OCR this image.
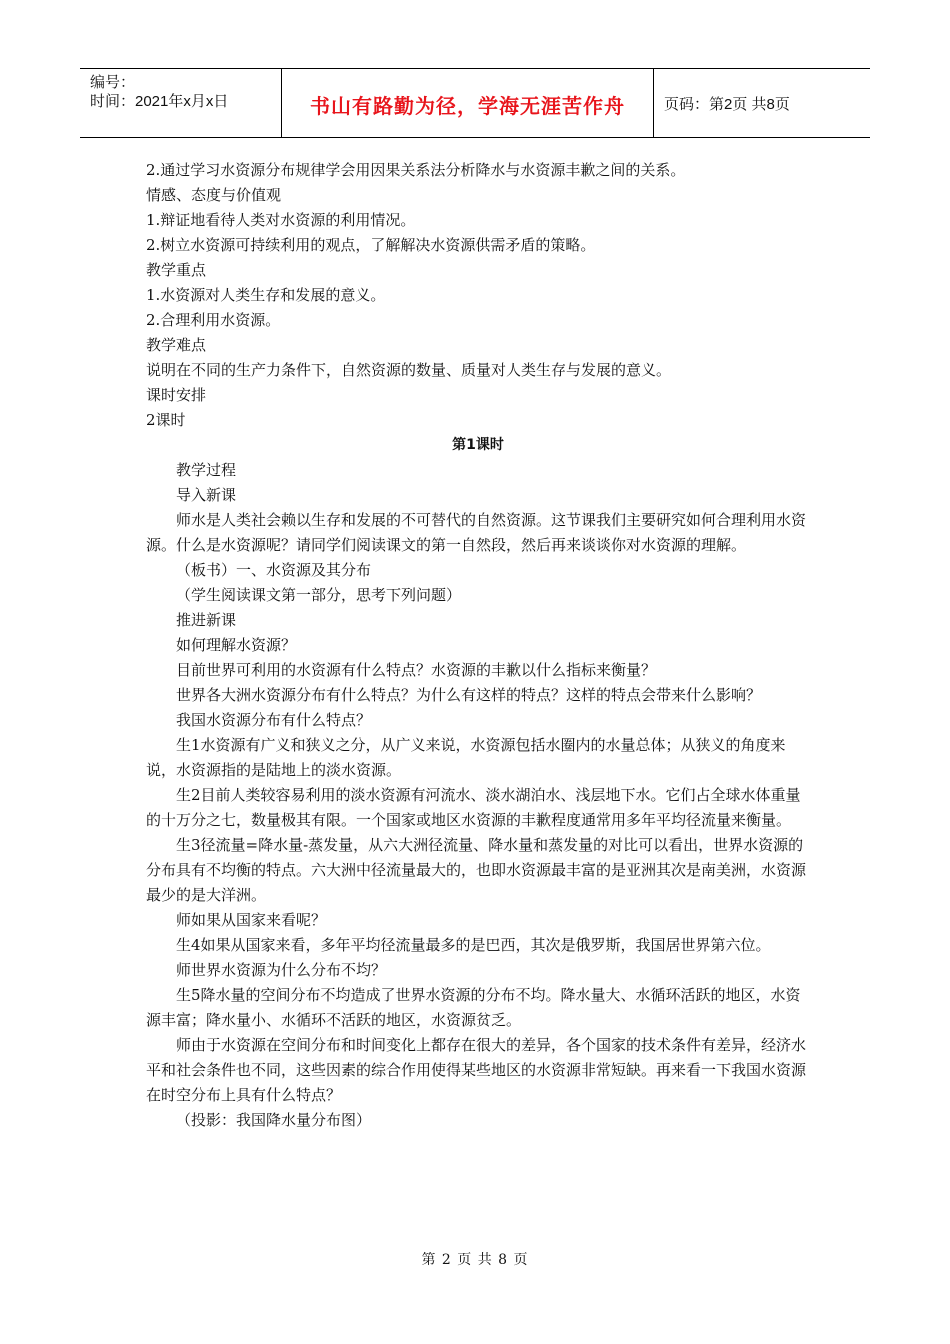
编号：
时间：2021年x月x日	书山有路勤为径，学海无涯苦作舟	页码：第2页 共8页

2.通过学习水资源分布规律学会用因果关系法分析降水与水资源丰歉之间的关系。

情感、态度与价值观

1.辩证地看待人类对水资源的利用情况。

2.树立水资源可持续利用的观点，了解解决水资源供需矛盾的策略。

教学重点

1.水资源对人类生存和发展的意义。

2.合理利用水资源。

教学难点

说明在不同的生产力条件下，自然资源的数量、质量对人类生存与发展的意义。

课时安排

2课时

第1课时

教学过程

导入新课

师水是人类社会赖以生存和发展的不可替代的自然资源。这节课我们主要研究如何合理利用水资源。什么是水资源呢？请同学们阅读课文的第一自然段，然后再来谈谈你对水资源的理解。

（板书）一、水资源及其分布

（学生阅读课文第一部分，思考下列问题）

推进新课

如何理解水资源？

目前世界可利用的水资源有什么特点？水资源的丰歉以什么指标来衡量？

世界各大洲水资源分布有什么特点？为什么有这样的特点？这样的特点会带来什么影响？

我国水资源分布有什么特点？

生1水资源有广义和狭义之分，从广义来说，水资源包括水圈内的水量总体；从狭义的角度来说，水资源指的是陆地上的淡水资源。

生2目前人类较容易利用的淡水资源有河流水、淡水湖泊水、浅层地下水。它们占全球水体重量的十万分之七，数量极其有限。一个国家或地区水资源的丰歉程度通常用多年平均径流量来衡量。

生3径流量=降水量-蒸发量，从六大洲径流量、降水量和蒸发量的对比可以看出，世界水资源的分布具有不均衡的特点。六大洲中径流量最大的，也即水资源最丰富的是亚洲其次是南美洲，水资源最少的是大洋洲。

师如果从国家来看呢？

生4如果从国家来看，多年平均径流量最多的是巴西，其次是俄罗斯，我国居世界第六位。

师世界水资源为什么分布不均？

生5降水量的空间分布不均造成了世界水资源的分布不均。降水量大、水循环活跃的地区，水资源丰富；降水量小、水循环不活跃的地区，水资源贫乏。

师由于水资源在空间分布和时间变化上都存在很大的差异，各个国家的技术条件有差异，经济水平和社会条件也不同，这些因素的综合作用使得某些地区的水资源非常短缺。再来看一下我国水资源在时空分布上具有什么特点？

（投影：我国降水量分布图）

第 2 页 共 8 页
